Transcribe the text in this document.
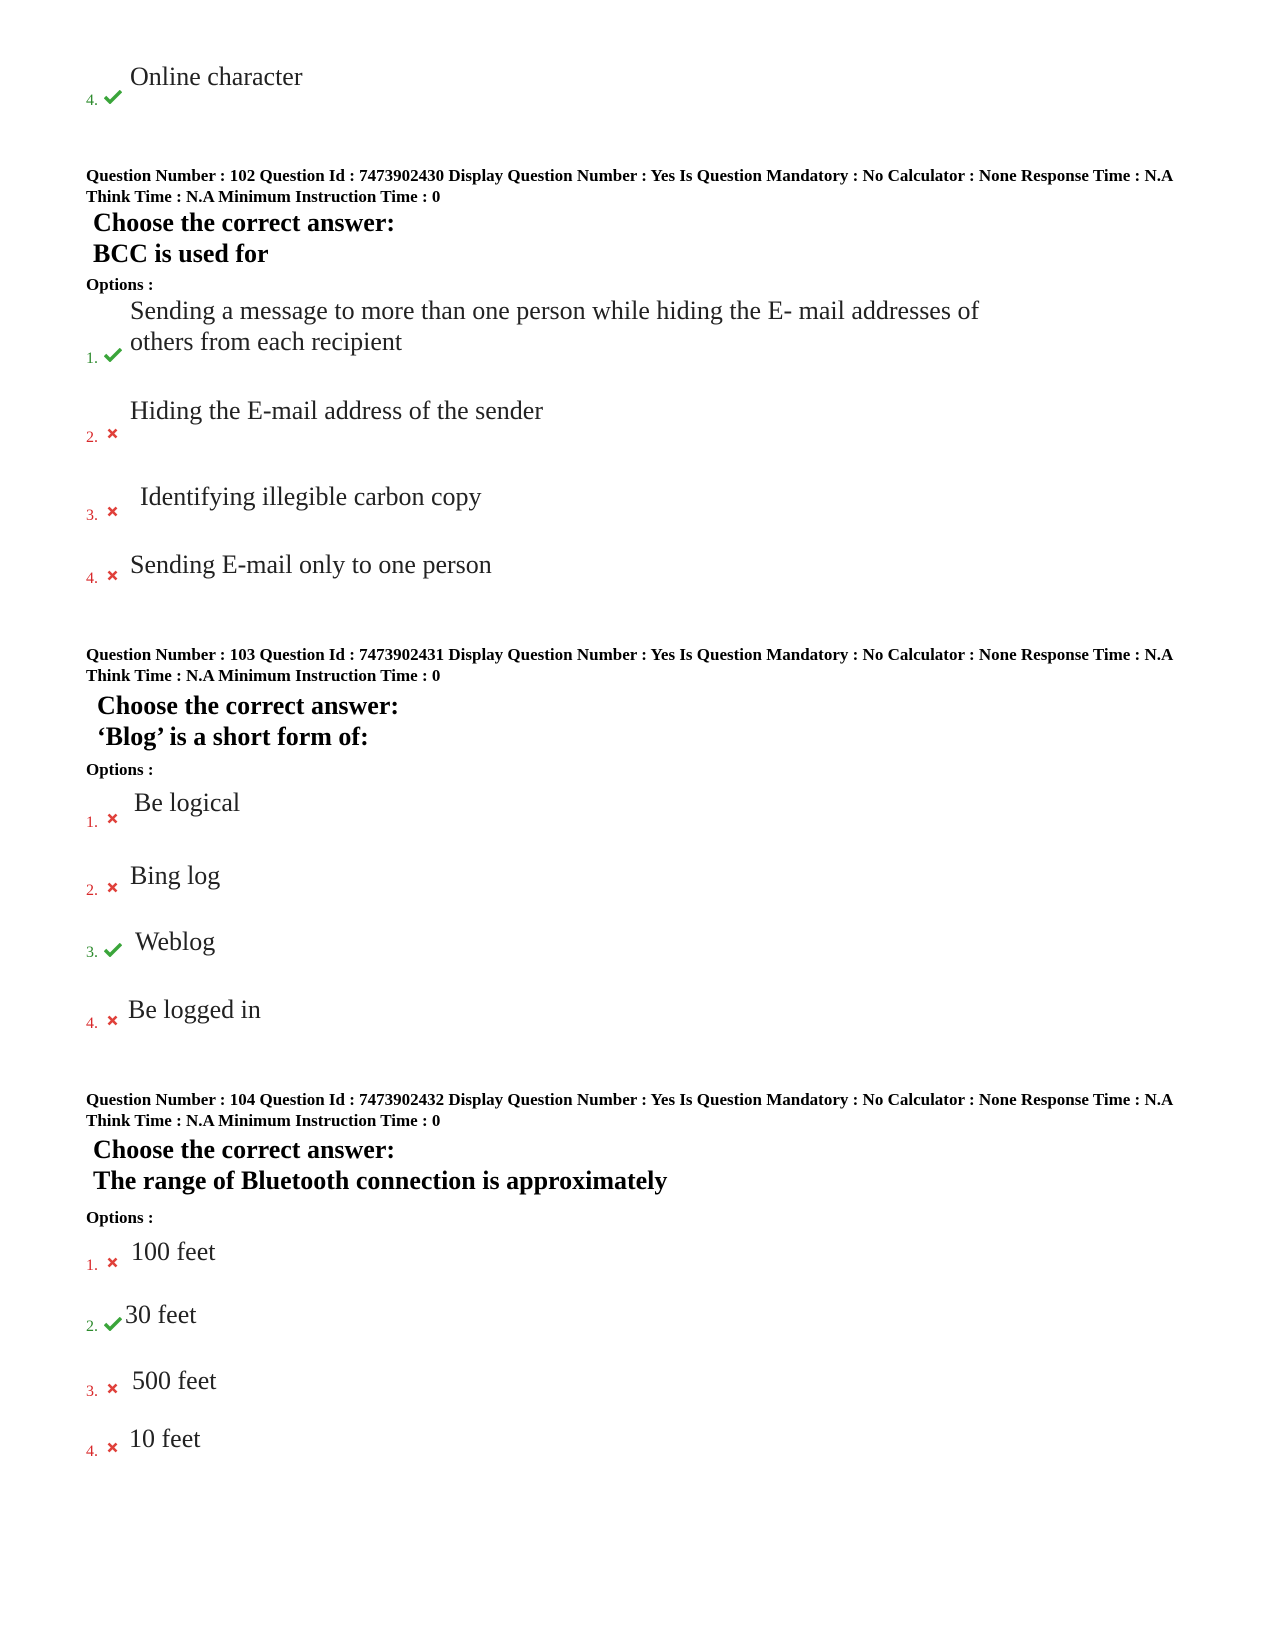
4.
Online character
Question Number : 102 Question Id : 7473902430 Display Question Number : Yes Is Question Mandatory : No Calculator : None Response Time : N.A Think Time : N.A Minimum Instruction Time : 0
Choose the correct answer:
BCC is used for
Options :
1.
Sending a message to more than one person while hiding the E- mail addresses of
others from each recipient
2.
Hiding the E-mail address of the sender
3.
Identifying illegible carbon copy
4. Sending E-mail only to one person
Question Number : 103 Question Id : 7473902431 Display Question Number : Yes Is Question Mandatory : No Calculator : None Response Time : N.A Think Time : N.A Minimum Instruction Time : 0
Choose the correct answer:
‘Blog’ is a short form of:
Options :
1.
Be logical
2.
Bing log
3. Weblog
4. Be logged in
Question Number : 104 Question Id : 7473902432 Display Question Number : Yes Is Question Mandatory : No Calculator : None Response Time : N.A Think Time : N.A Minimum Instruction Time : 0
Choose the correct answer:
The range of Bluetooth connection is approximately
Options :
1. 100 feet
2. 30 feet
3. 500 feet
4. 10 feet
